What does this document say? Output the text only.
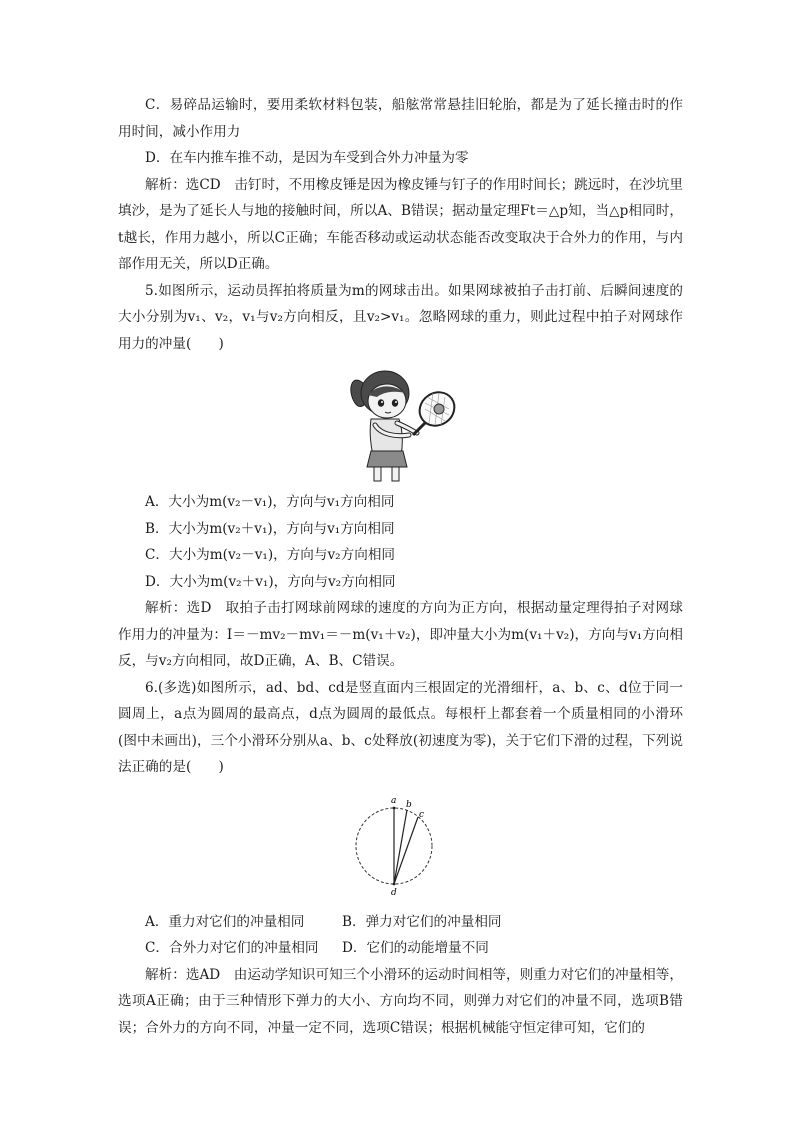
C．易碎品运输时，要用柔软材料包装，船舷常常悬挂旧轮胎，都是为了延长撞击时的作用时间，减小作用力

D．在车内推车推不动，是因为车受到合外力冲量为零

解析：选CD　击钉时，不用橡皮锤是因为橡皮锤与钉子的作用时间长；跳远时，在沙坑里填沙，是为了延长人与地的接触时间，所以A、B错误；据动量定理Ft＝△p知，当△p相同时，t越长，作用力越小，所以C正确；车能否移动或运动状态能否改变取决于合外力的作用，与内部作用无关，所以D正确。

5.如图所示，运动员挥拍将质量为m的网球击出。如果网球被拍子击打前、后瞬间速度的大小分别为v₁、v₂，v₁与v₂方向相反，且v₂>v₁。忽略网球的重力，则此过程中拍子对网球作用力的冲量(　　)

A．大小为m(v₂－v₁)，方向与v₁方向相同

B．大小为m(v₂＋v₁)，方向与v₁方向相同

C．大小为m(v₂－v₁)，方向与v₂方向相同

D．大小为m(v₂＋v₁)，方向与v₂方向相同

解析：选D　取拍子击打网球前网球的速度的方向为正方向，根据动量定理得拍子对网球作用力的冲量为：I＝－mv₂－mv₁＝－m(v₁＋v₂)，即冲量大小为m(v₁＋v₂)，方向与v₁方向相反，与v₂方向相同，故D正确，A、B、C错误。

6.(多选)如图所示，ad、bd、cd是竖直面内三根固定的光滑细杆，a、b、c、d位于同一圆周上，a点为圆周的最高点，d点为圆周的最低点。每根杆上都套着一个质量相同的小滑环(图中未画出)，三个小滑环分别从a、b、c处释放(初速度为零)，关于它们下滑的过程，下列说法正确的是(　　)

a b
c
d
A．重力对它们的冲量相同	B．弹力对它们的冲量相同
C．合外力对它们的冲量相同	D．它们的动能增量不同

解析：选AD　由运动学知识可知三个小滑环的运动时间相等，则重力对它们的冲量相等，选项A正确；由于三种情形下弹力的大小、方向均不同，则弹力对它们的冲量不同，选项B错误；合外力的方向不同，冲量一定不同，选项C错误；根据机械能守恒定律可知，它们的
